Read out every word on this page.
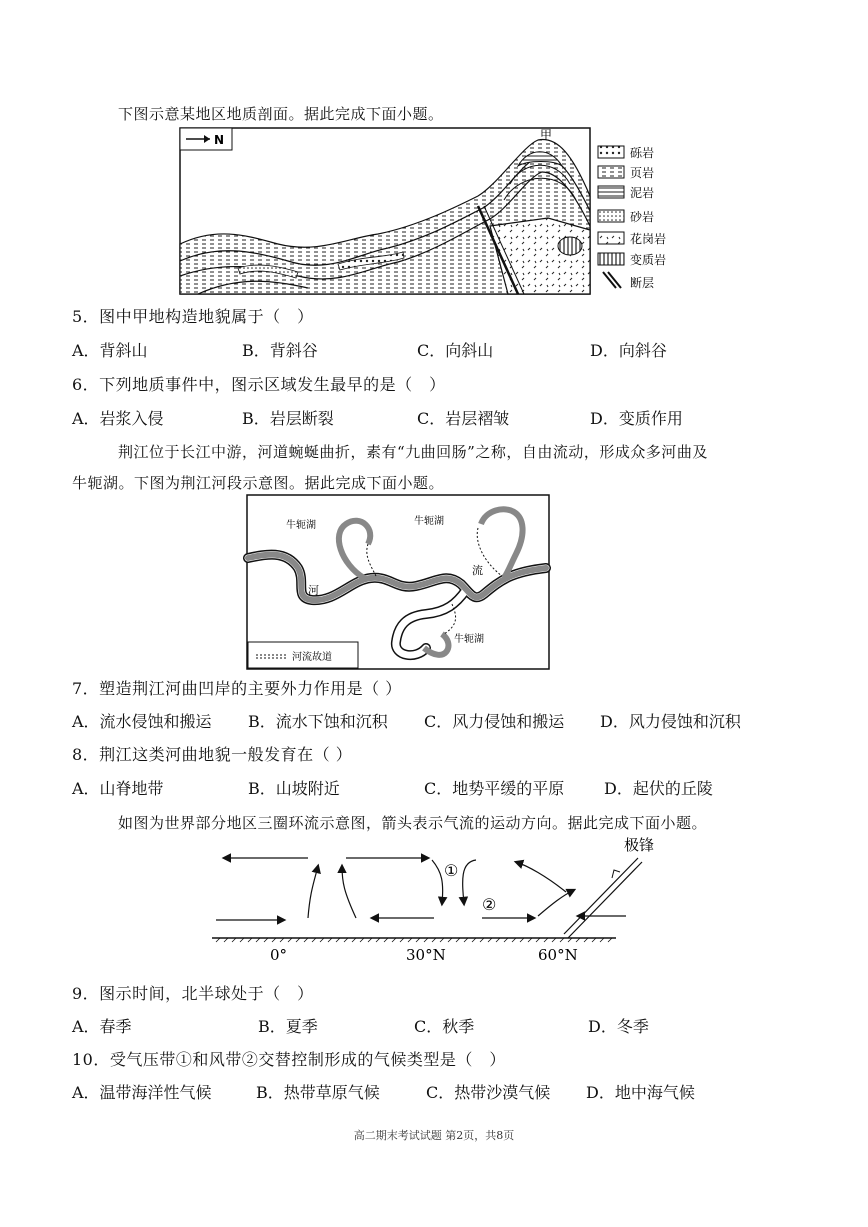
下图示意某地区地质剖面。据此完成下面小题。
N	甲
砾岩
页岩
泥岩
砂岩
花岗岩
变质岩
断层
5．图中甲地构造地貌属于（　）
A．背斜山	B．背斜谷	C．向斜山	D．向斜谷
6．下列地质事件中，图示区域发生最早的是（　）
A．岩浆入侵	B．岩层断裂	C．岩层褶皱	D．变质作用
荆江位于长江中游，河道蜿蜒曲折，素有“九曲回肠”之称，自由流动，形成众多河曲及
牛轭湖。下图为荆江河段示意图。据此完成下面小题。
牛轭湖	牛轭湖
牛轭湖
河
流
河流故道
7．塑造荆江河曲凹岸的主要外力作用是（ ）
A．流水侵蚀和搬运 B．流水下蚀和沉积 C．风力侵蚀和搬运 D．风力侵蚀和沉积
8．荆江这类河曲地貌一般发育在（ ）
A．山脊地带	B．山坡附近	C．地势平缓的平原 D．起伏的丘陵
如图为世界部分地区三圈环流示意图，箭头表示气流的运动方向。据此完成下面小题。
①
②
极锋
0°	30°N	60°N
9．图示时间，北半球处于（　）
A．春季	B．夏季	C．秋季	D．冬季
10．受气压带①和风带②交替控制形成的气候类型是（　）
A．温带海洋性气候	B．热带草原气候	C．热带沙漠气候 D．地中海气候
高二期末考试试题 第2页，共8页
